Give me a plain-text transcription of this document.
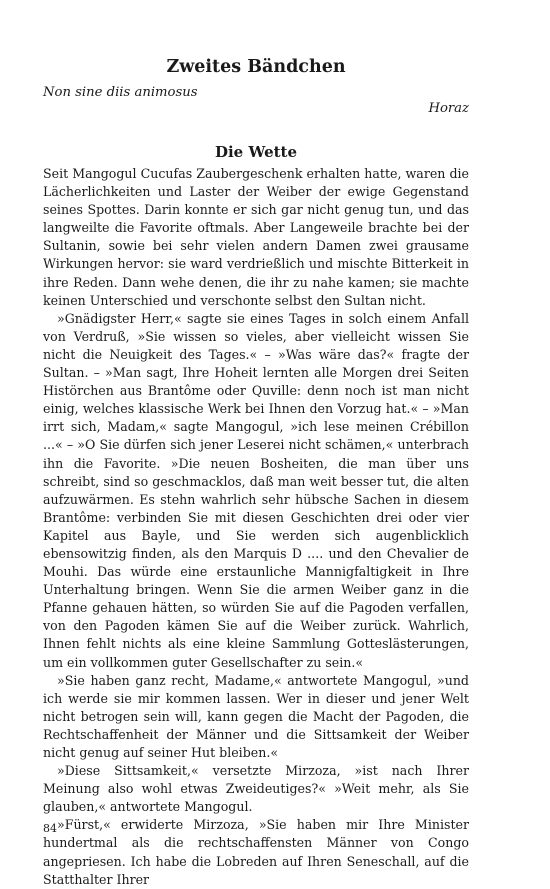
Zweites Bändchen

Non sine diis animosus

Horaz

Die Wette

Seit Mangogul Cucufas Zaubergeschenk erhalten hatte, waren die Lächerlichkeiten und Laster der Weiber der ewige Gegenstand seines Spottes. Darin konnte er sich gar nicht genug tun, und das langweilte die Favorite oftmals. Aber Langeweile brachte bei der Sultanin, sowie bei sehr vielen andern Damen zwei grausame Wirkungen hervor: sie ward verdrießlich und mischte Bitterkeit in ihre Reden. Dann wehe denen, die ihr zu nahe kamen; sie machte keinen Unterschied und verschonte selbst den Sultan nicht.

»Gnädigster Herr,« sagte sie eines Tages in solch einem Anfall von Verdruß, »Sie wissen so vieles, aber vielleicht wissen Sie nicht die Neuigkeit des Tages.« – »Was wäre das?« fragte der Sultan. – »Man sagt, Ihre Hoheit lernten alle Morgen drei Seiten Histörchen aus Brantôme oder Quville: denn noch ist man nicht einig, welches klassische Werk bei Ihnen den Vorzug hat.« – »Man irrt sich, Madam,« sagte Mangogul, »ich lese meinen Crébillon ...« – »O Sie dürfen sich jener Leserei nicht schämen,« unterbrach ihn die Favorite. »Die neuen Bosheiten, die man über uns schreibt, sind so geschmacklos, daß man weit besser tut, die alten aufzuwärmen. Es stehn wahrlich sehr hübsche Sachen in diesem Brantôme: verbinden Sie mit diesen Geschichten drei oder vier Kapitel aus Bayle, und Sie werden sich augenblicklich ebensowitzig finden, als den Marquis D .... und den Chevalier de Mouhi. Das würde eine erstaunliche Mannigfaltigkeit in Ihre Unterhaltung bringen. Wenn Sie die armen Weiber ganz in die Pfanne gehauen hätten, so würden Sie auf die Pagoden verfallen, von den Pagoden kämen Sie auf die Weiber zurück. Wahrlich, Ihnen fehlt nichts als eine kleine Sammlung Gotteslästerungen, um ein vollkommen guter Gesellschafter zu sein.«

»Sie haben ganz recht, Madame,« antwortete Mangogul, »und ich werde sie mir kommen lassen. Wer in dieser und jener Welt nicht betrogen sein will, kann gegen die Macht der Pagoden, die Rechtschaffenheit der Männer und die Sittsamkeit der Weiber nicht genug auf seiner Hut bleiben.«

»Diese Sittsamkeit,« versetzte Mirzoza, »ist nach Ihrer Meinung also wohl etwas Zweideutiges?« »Weit mehr, als Sie glauben,« antwortete Mangogul.

»Fürst,« erwiderte Mirzoza, »Sie haben mir Ihre Minister hundertmal als die rechtschaffensten Männer von Congo angepriesen. Ich habe die Lobreden auf Ihren Seneschall, auf die Statthalter Ihrer

84
